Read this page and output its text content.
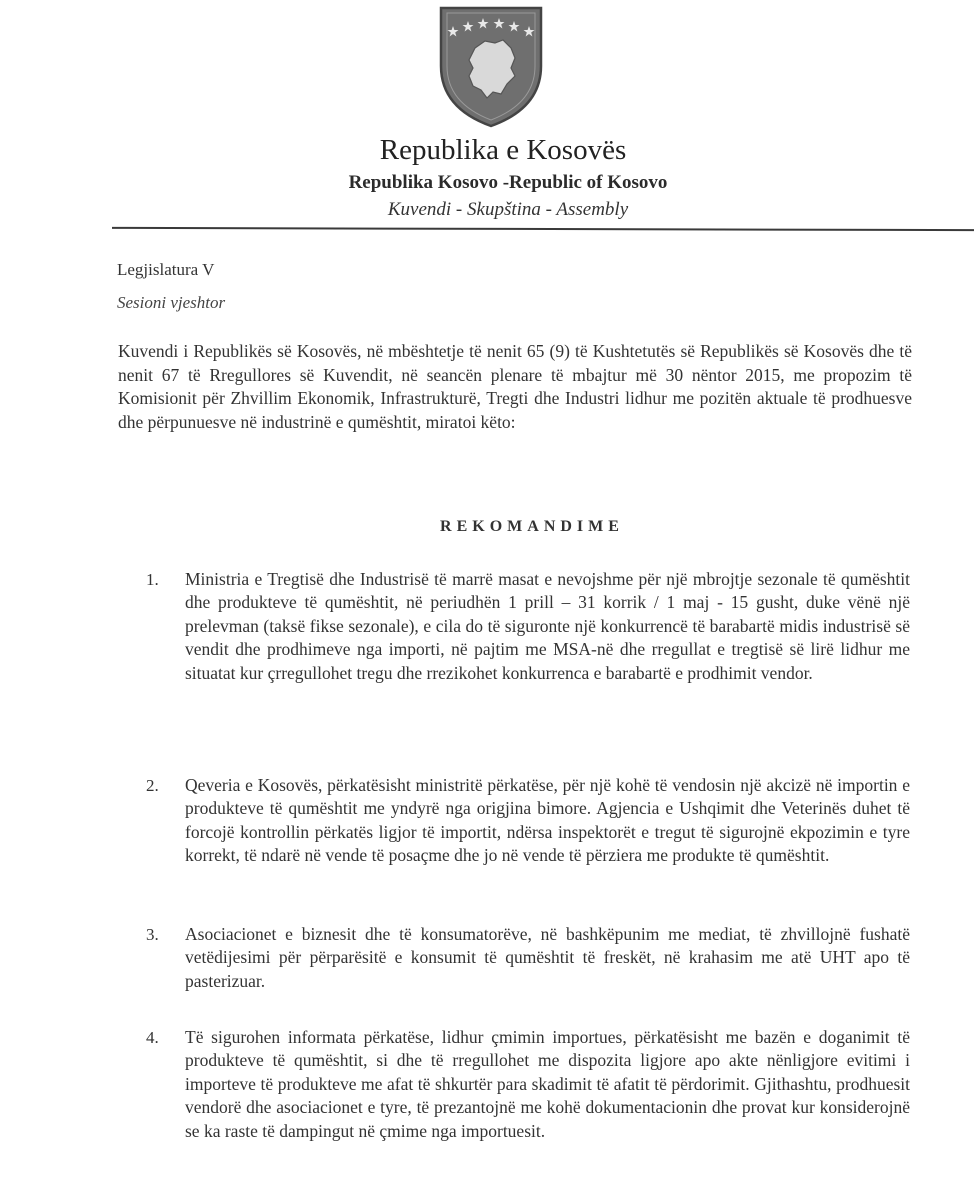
Republika e Kosovës
Republika Kosovo -Republic of Kosovo
Kuvendi - Skupština - Assembly
Legjislatura V
Sesioni vjeshtor
Kuvendi i Republikës së Kosovës, në mbështetje të nenit 65 (9) të Kushtetutës së Republikës së Kosovës dhe të nenit 67 të Rregullores së Kuvendit, në seancën plenare të mbajtur më 30 nëntor 2015, me propozim të Komisionit për Zhvillim Ekonomik, Infrastrukturë, Tregti dhe Industri lidhur me pozitën aktuale të prodhuesve dhe përpunuesve në industrinë e qumështit, miratoi këto:
REKOMANDIME
1. Ministria e Tregtisë dhe Industrisë të marrë masat e nevojshme për një mbrojtje sezonale të qumështit dhe produkteve të qumështit, në periudhën 1 prill – 31 korrik / 1 maj - 15 gusht, duke vënë një prelevman (taksë fikse sezonale), e cila do të siguronte një konkurrencë të barabartë midis industrisë së vendit dhe prodhimeve nga importi, në pajtim me MSA-në dhe rregullat e tregtisë së lirë lidhur me situatat kur çrregullohet tregu dhe rrezikohet konkurrenca e barabartë e prodhimit vendor.
2. Qeveria e Kosovës, përkatësisht ministritë përkatëse, për një kohë të vendosin një akcizë në importin e produkteve të qumështit me yndyrë nga origjina bimore. Agjencia e Ushqimit dhe Veterinës duhet të forcojë kontrollin përkatës ligjor të importit, ndërsa inspektorët e tregut të sigurojnë ekpozimin e tyre korrekt, të ndarë në vende të posaçme dhe jo në vende të përziera me produkte të qumështit.
3. Asociacionet e biznesit dhe të konsumatorëve, në bashkëpunim me mediat, të zhvillojnë fushatë vetëdijesimi për përparësitë e konsumit të qumështit të freskët, në krahasim me atë UHT apo të pasterizuar.
4. Të sigurohen informata përkatëse, lidhur çmimin importues, përkatësisht me bazën e doganimit të produkteve të qumështit, si dhe të rregullohet me dispozita ligjore apo akte nënligjore evitimi i importeve të produkteve me afat të shkurtër para skadimit të afatit të përdorimit. Gjithashtu, prodhuesit vendorë dhe asociacionet e tyre, të prezantojnë me kohë dokumentacionin dhe provat kur konsiderojnë se ka raste të dampingut në çmime nga importuesit.
